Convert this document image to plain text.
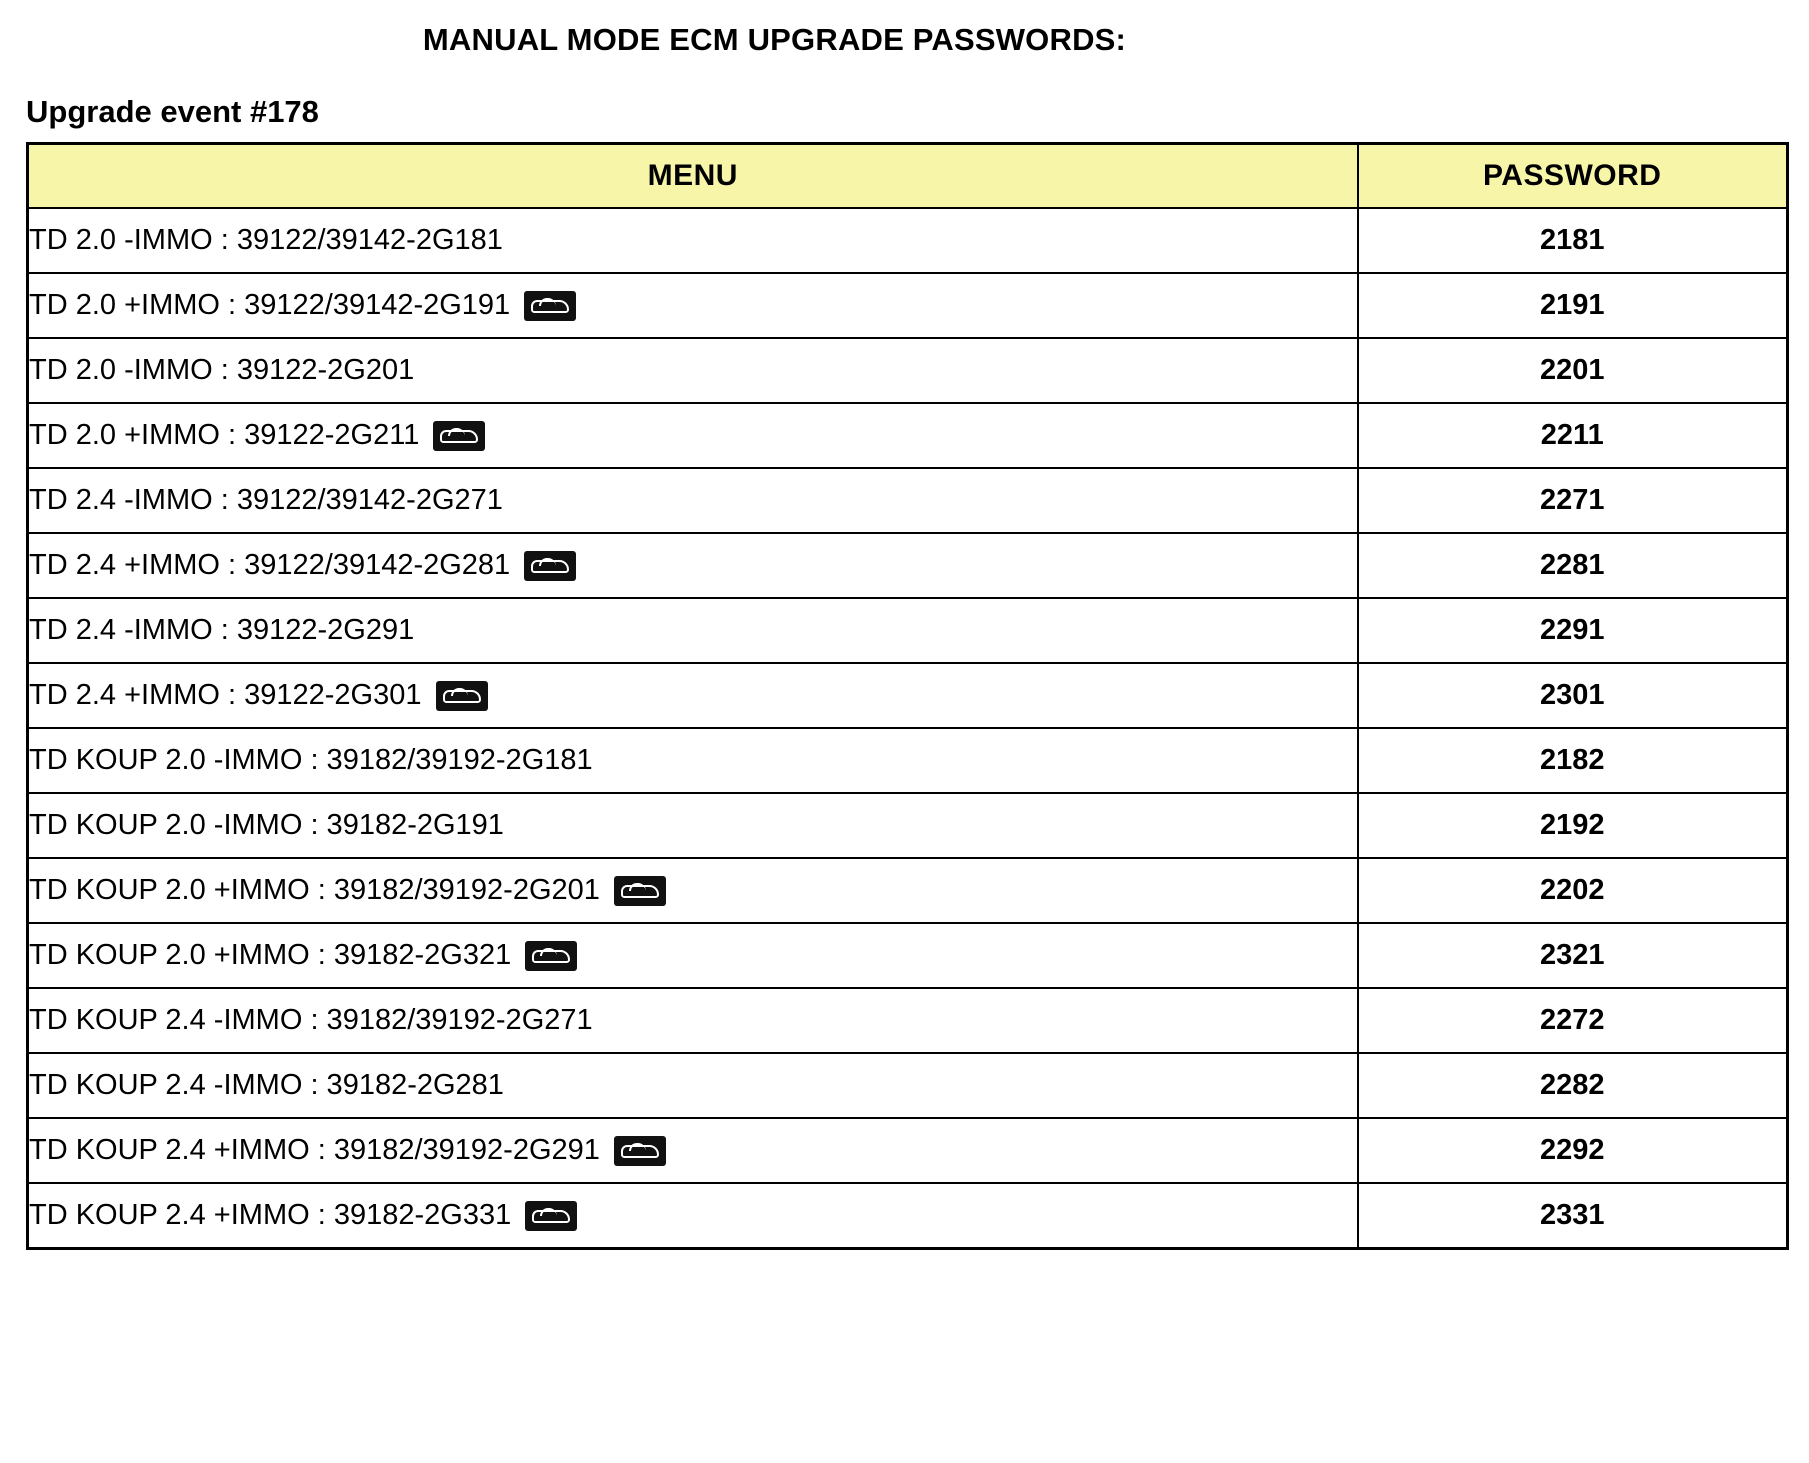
MANUAL MODE ECM UPGRADE PASSWORDS:
Upgrade event #178
MENU	PASSWORD

TD 2.0 -IMMO : 39122/39142-2G181	2181

TD 2.0 +IMMO : 39122/39142-2G191	2191

TD 2.0 -IMMO : 39122-2G201	2201

TD 2.0 +IMMO : 39122-2G211	2211

TD 2.4 -IMMO : 39122/39142-2G271	2271

TD 2.4 +IMMO : 39122/39142-2G281	2281

TD 2.4 -IMMO : 39122-2G291	2291

TD 2.4 +IMMO : 39122-2G301	2301

TD KOUP 2.0 -IMMO : 39182/39192-2G181	2182

TD KOUP 2.0 -IMMO : 39182-2G191	2192

TD KOUP 2.0 +IMMO : 39182/39192-2G201	2202

TD KOUP 2.0 +IMMO : 39182-2G321	2321

TD KOUP 2.4 -IMMO : 39182/39192-2G271	2272

TD KOUP 2.4 -IMMO : 39182-2G281	2282

TD KOUP 2.4 +IMMO : 39182/39192-2G291	2292

TD KOUP 2.4 +IMMO : 39182-2G331	2331
